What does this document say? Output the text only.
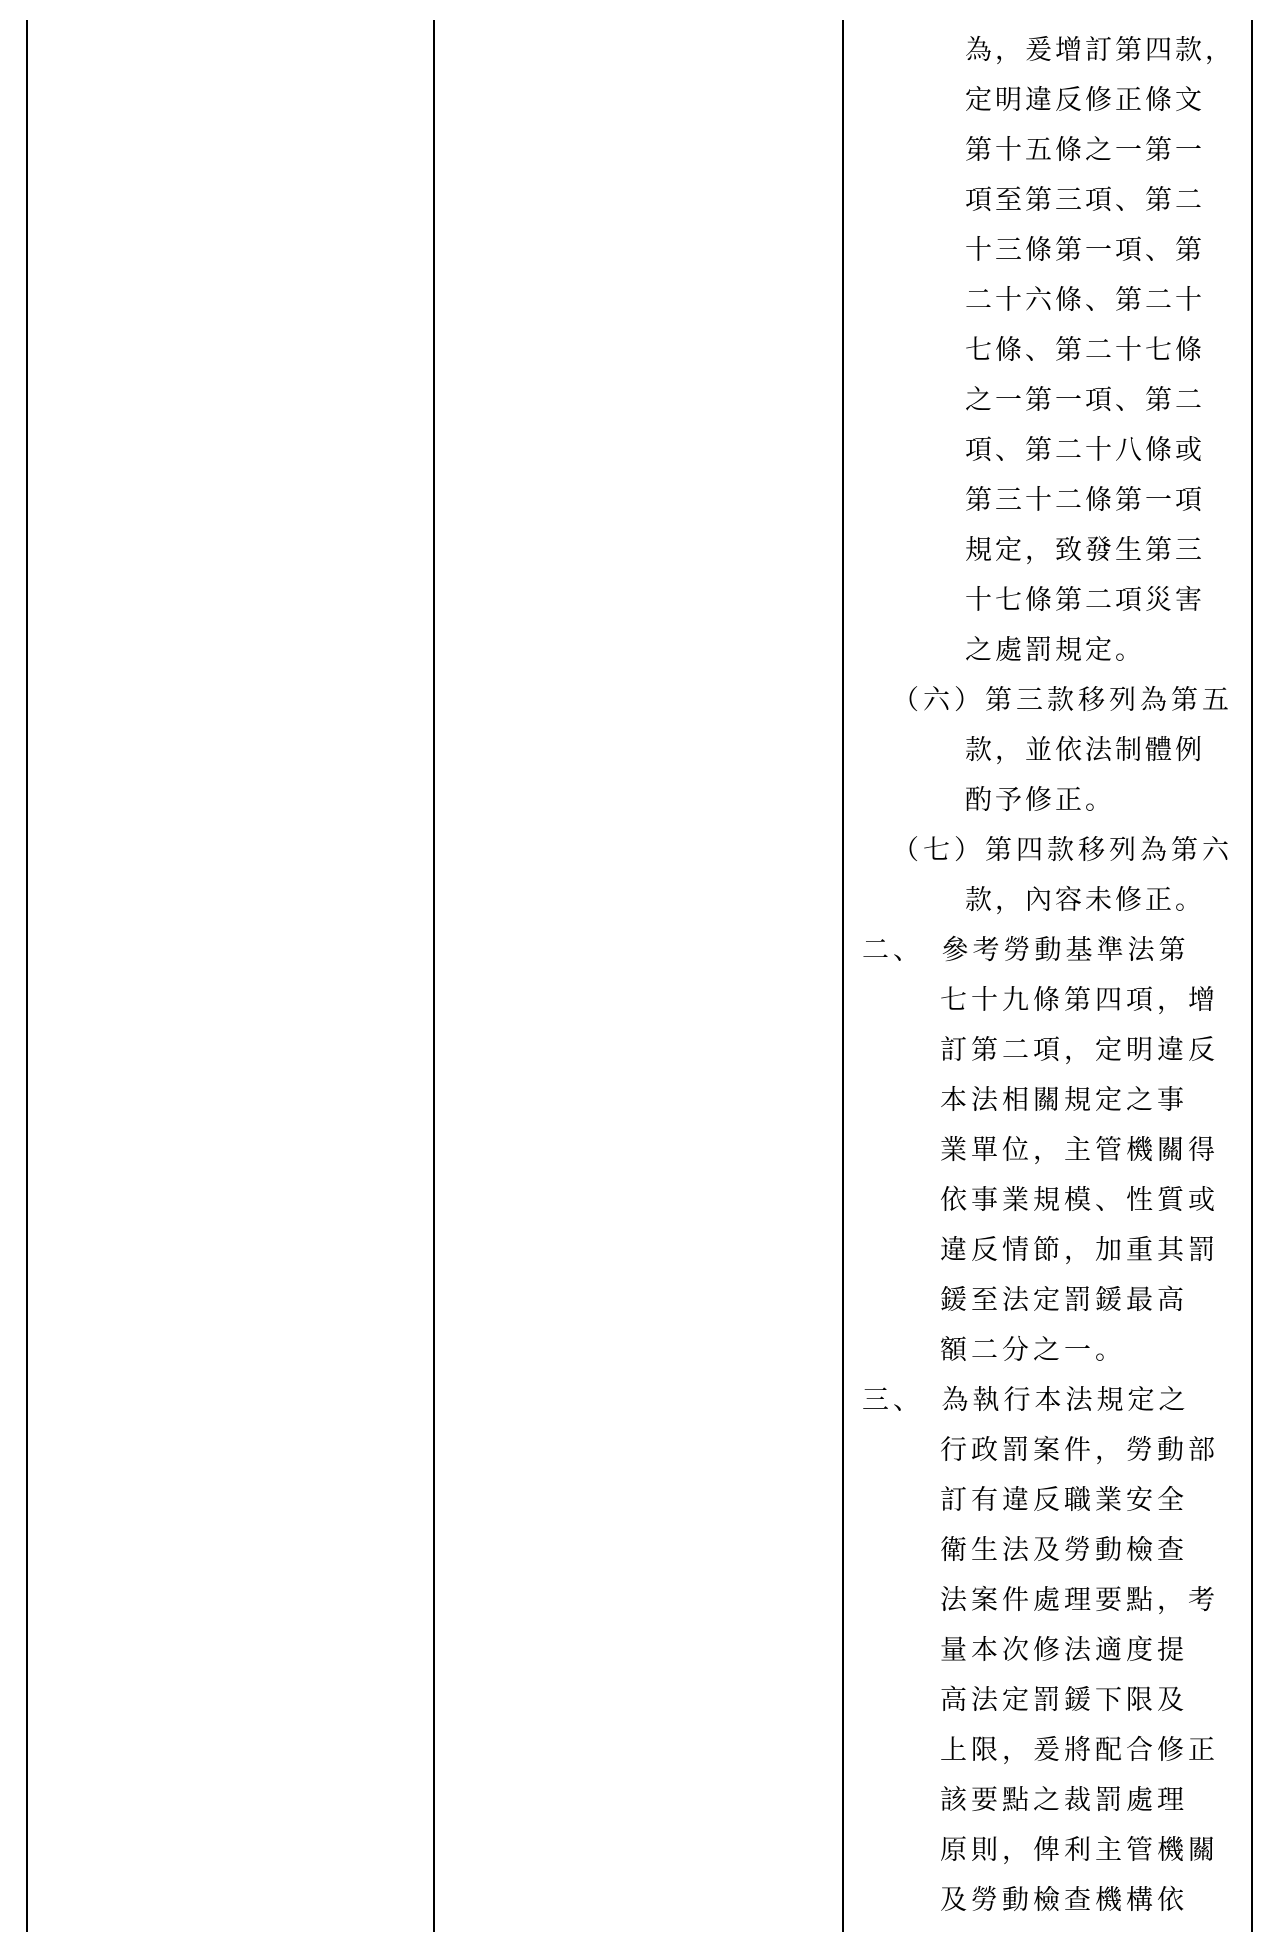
為，爰增訂第四款，
定明違反修正條文
第十五條之一第一
項至第三項、第二
十三條第一項、第
二十六條、第二十
七條、第二十七條
之一第一項、第二
項、第二十八條或
第三十二條第一項
規定，致發生第三
十七條第二項災害
之處罰規定。
（六）第三款移列為第五
款，並依法制體例
酌予修正。
（七）第四款移列為第六
款，內容未修正。
二、　參考勞動基準法第
七十九條第四項，增
訂第二項，定明違反
本法相關規定之事
業單位，主管機關得
依事業規模、性質或
違反情節，加重其罰
鍰至法定罰鍰最高
額二分之一。
三、　為執行本法規定之
行政罰案件，勞動部
訂有違反職業安全
衛生法及勞動檢查
法案件處理要點，考
量本次修法適度提
高法定罰鍰下限及
上限，爰將配合修正
該要點之裁罰處理
原則，俾利主管機關
及勞動檢查機構依
